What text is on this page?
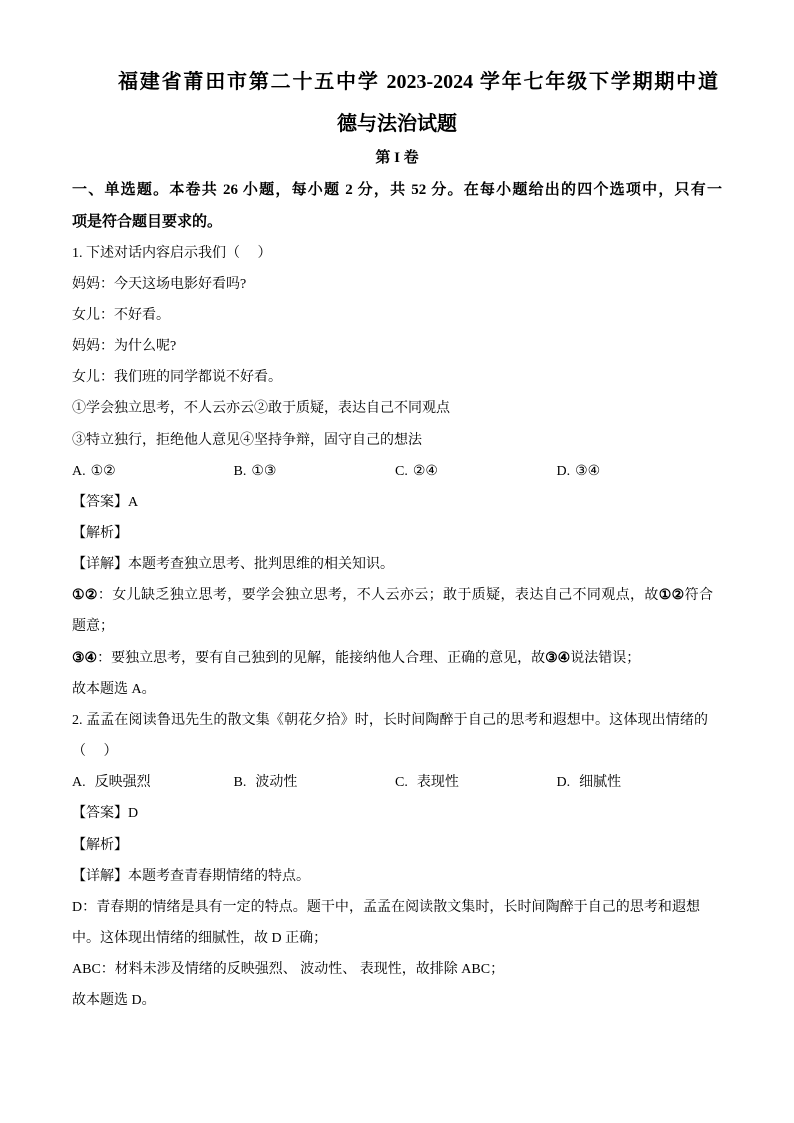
福建省莆田市第二十五中学 2023-2024 学年七年级下学期期中道
德与法治试题
第 I 卷
一、单选题。本卷共 26 小题，每小题 2 分，共 52 分。在每小题给出的四个选项中，只有一
项是符合题目要求的。
1. 下述对话内容启示我们（     ）
妈妈：今天这场电影好看吗?
女儿：不好看。
妈妈：为什么呢?
女儿：我们班的同学都说不好看。
①学会独立思考，不人云亦云②敢于质疑，表达自己不同观点
③特立独行，拒绝他人意见④坚持争辩，固守自己的想法
A. ①②	B. ①③	C. ②④	D. ③④
【答案】A
【解析】
【详解】本题考查独立思考、批判思维的相关知识。
①②：女儿缺乏独立思考，要学会独立思考，不人云亦云；敢于质疑，表达自己不同观点，故①②符合
题意；
③④：要独立思考，要有自己独到的见解，能接纳他人合理、正确的意见，故③④说法错误；
故本题选 A。
2. 孟孟在阅读鲁迅先生的散文集《朝花夕拾》时，长时间陶醉于自己的思考和遐想中。这体现出情绪的
（     ）
A. 反映强烈	B. 波动性	C. 表现性	D. 细腻性
【答案】D
【解析】
【详解】本题考查青春期情绪的特点。
D：青春期的情绪是具有一定的特点。题干中，孟孟在阅读散文集时，长时间陶醉于自己的思考和遐想
中。这体现出情绪的细腻性，故 D 正确；
ABC：材料未涉及情绪的反映强烈、 波动性、 表现性，故排除 ABC；
故本题选 D。
